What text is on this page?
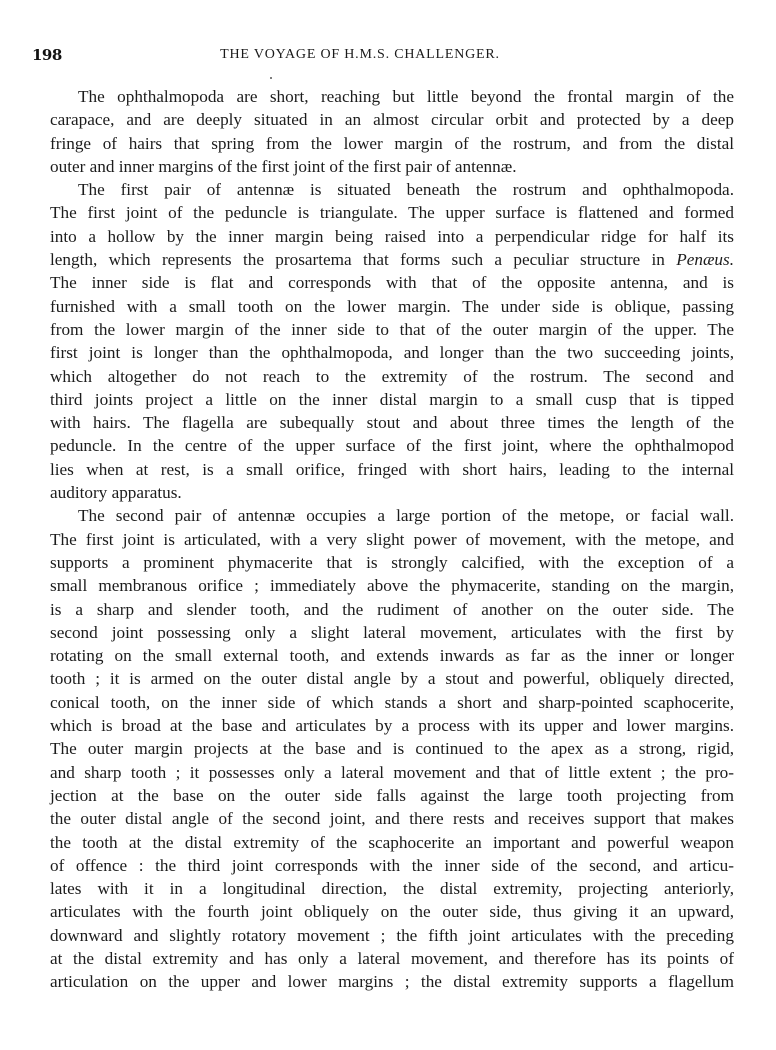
198	THE VOYAGE OF H.M.S. CHALLENGER.
The ophthalmopoda are short, reaching but little beyond the frontal margin of the
carapace, and are deeply situated in an almost circular orbit and protected by a deep
fringe of hairs that spring from the lower margin of the rostrum, and from the distal
outer and inner margins of the first joint of the first pair of antennæ.
The first pair of antennæ is situated beneath the rostrum and ophthalmopoda.
The first joint of the peduncle is triangulate. The upper surface is flattened and formed
into a hollow by the inner margin being raised into a perpendicular ridge for half its
length, which represents the prosartema that forms such a peculiar structure in Penæus.
The inner side is flat and corresponds with that of the opposite antenna, and is
furnished with a small tooth on the lower margin. The under side is oblique, passing
from the lower margin of the inner side to that of the outer margin of the upper. The
first joint is longer than the ophthalmopoda, and longer than the two succeeding joints,
which altogether do not reach to the extremity of the rostrum. The second and
third joints project a little on the inner distal margin to a small cusp that is tipped
with hairs. The flagella are subequally stout and about three times the length of the
peduncle. In the centre of the upper surface of the first joint, where the ophthalmopod
lies when at rest, is a small orifice, fringed with short hairs, leading to the internal
auditory apparatus.
The second pair of antennæ occupies a large portion of the metope, or facial wall.
The first joint is articulated, with a very slight power of movement, with the metope, and
supports a prominent phymacerite that is strongly calcified, with the exception of a
small membranous orifice ; immediately above the phymacerite, standing on the margin,
is a sharp and slender tooth, and the rudiment of another on the outer side. The
second joint possessing only a slight lateral movement, articulates with the first by
rotating on the small external tooth, and extends inwards as far as the inner or longer
tooth ; it is armed on the outer distal angle by a stout and powerful, obliquely directed,
conical tooth, on the inner side of which stands a short and sharp-pointed scaphocerite,
which is broad at the base and articulates by a process with its upper and lower margins.
The outer margin projects at the base and is continued to the apex as a strong, rigid,
and sharp tooth ; it possesses only a lateral movement and that of little extent ; the pro-
jection at the base on the outer side falls against the large tooth projecting from
the outer distal angle of the second joint, and there rests and receives support that makes
the tooth at the distal extremity of the scaphocerite an important and powerful weapon
of offence : the third joint corresponds with the inner side of the second, and articu-
lates with it in a longitudinal direction, the distal extremity, projecting anteriorly,
articulates with the fourth joint obliquely on the outer side, thus giving it an upward,
downward and slightly rotatory movement ; the fifth joint articulates with the preceding
at the distal extremity and has only a lateral movement, and therefore has its points of
articulation on the upper and lower margins ; the distal extremity supports a flagellum
